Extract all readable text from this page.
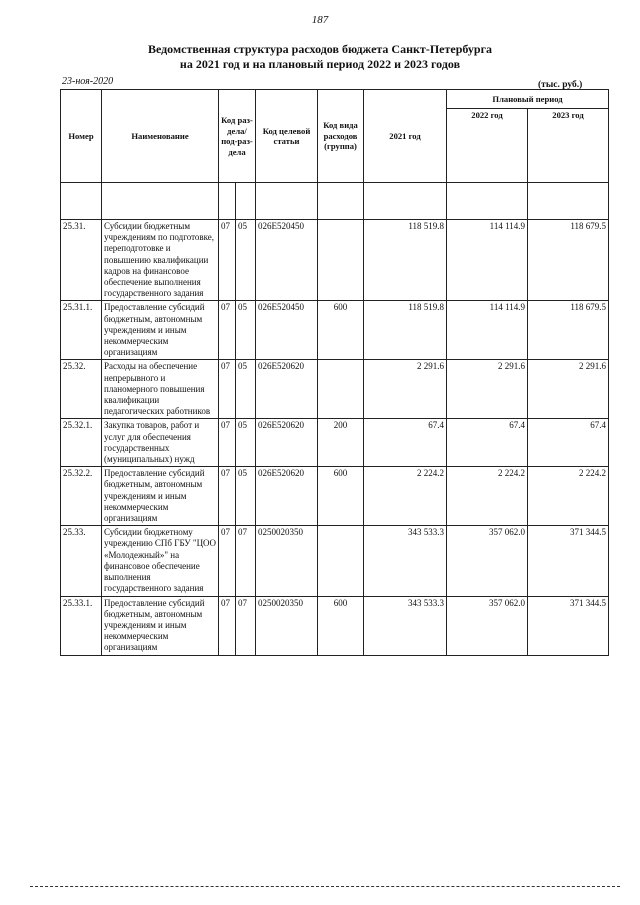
187
Ведомственная структура расходов бюджета Санкт-Петербурга
на 2021 год и на плановый период 2022 и 2023 годов
23-ноя-2020	(тыс. руб.)
Номер	Наименование	Код раз-дела/ под-раз-дела		Код целевой статьи	Код вида расходов (группа)	2021 год	Плановый период	
							2022 год	2023 год

25.31.	Субсидии бюджетным учреждениям по подготовке, переподготовке и повышению квалификации кадров на финансовое обеспечение выполнения государственного задания	07	05	026E520450		118 519.8	114 114.9	118 679.5
25.31.1.	Предоставление субсидий бюджетным, автономным учреждениям и иным некоммерческим организациям	07	05	026E520450	600	118 519.8	114 114.9	118 679.5
25.32.	Расходы на обеспечение непрерывного и планомерного повышения квалификации педагогических работников	07	05	026E520620		2 291.6	2 291.6	2 291.6
25.32.1.	Закупка товаров, работ и услуг для обеспечения государственных (муниципальных) нужд	07	05	026E520620	200	67.4	67.4	67.4
25.32.2.	Предоставление субсидий бюджетным, автономным учреждениям и иным некоммерческим организациям	07	05	026E520620	600	2 224.2	2 224.2	2 224.2
25.33.	Субсидии бюджетному учреждению СПб ГБУ "ЦОО «Молодежный»" на финансовое обеспечение выполнения государственного задания	07	07	0250020350		343 533.3	357 062.0	371 344.5
25.33.1.	Предоставление субсидий бюджетным, автономным учреждениям и иным некоммерческим организациям	07	07	0250020350	600	343 533.3	357 062.0	371 344.5
